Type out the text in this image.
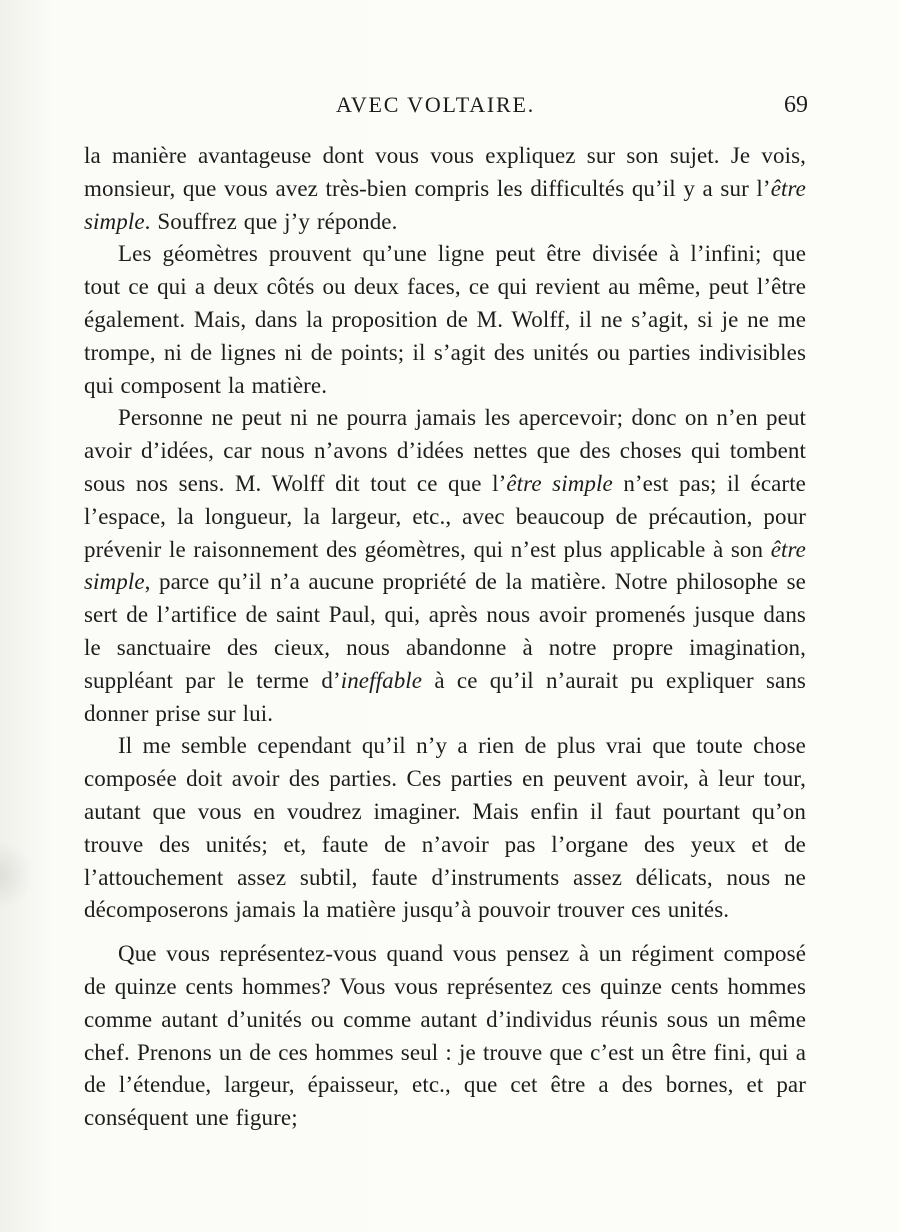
AVEC VOLTAIRE.	69

la manière avantageuse dont vous vous expliquez sur son sujet. Je vois, monsieur, que vous avez très-bien compris les difficultés qu’il y a sur l’être simple. Souffrez que j’y réponde.

Les géomètres prouvent qu’une ligne peut être divisée à l’infini; que tout ce qui a deux côtés ou deux faces, ce qui revient au même, peut l’être également. Mais, dans la proposition de M. Wolff, il ne s’agit, si je ne me trompe, ni de lignes ni de points; il s’agit des unités ou parties indivisibles qui composent la matière.

Personne ne peut ni ne pourra jamais les apercevoir; donc on n’en peut avoir d’idées, car nous n’avons d’idées nettes que des choses qui tombent sous nos sens. M. Wolff dit tout ce que l’être simple n’est pas; il écarte l’espace, la longueur, la largeur, etc., avec beaucoup de précaution, pour prévenir le raisonnement des géomètres, qui n’est plus applicable à son être simple, parce qu’il n’a aucune propriété de la matière. Notre philosophe se sert de l’artifice de saint Paul, qui, après nous avoir promenés jusque dans le sanctuaire des cieux, nous abandonne à notre propre imagination, suppléant par le terme d’ineffable à ce qu’il n’aurait pu expliquer sans donner prise sur lui.

Il me semble cependant qu’il n’y a rien de plus vrai que toute chose composée doit avoir des parties. Ces parties en peuvent avoir, à leur tour, autant que vous en voudrez imaginer. Mais enfin il faut pourtant qu’on trouve des unités; et, faute de n’avoir pas l’organe des yeux et de l’attouchement assez subtil, faute d’instruments assez délicats, nous ne décomposerons jamais la matière jusqu’à pouvoir trouver ces unités.

Que vous représentez-vous quand vous pensez à un régiment composé de quinze cents hommes? Vous vous représentez ces quinze cents hommes comme autant d’unités ou comme autant d’individus réunis sous un même chef. Prenons un de ces hommes seul : je trouve que c’est un être fini, qui a de l’étendue, largeur, épaisseur, etc., que cet être a des bornes, et par conséquent une figure;
